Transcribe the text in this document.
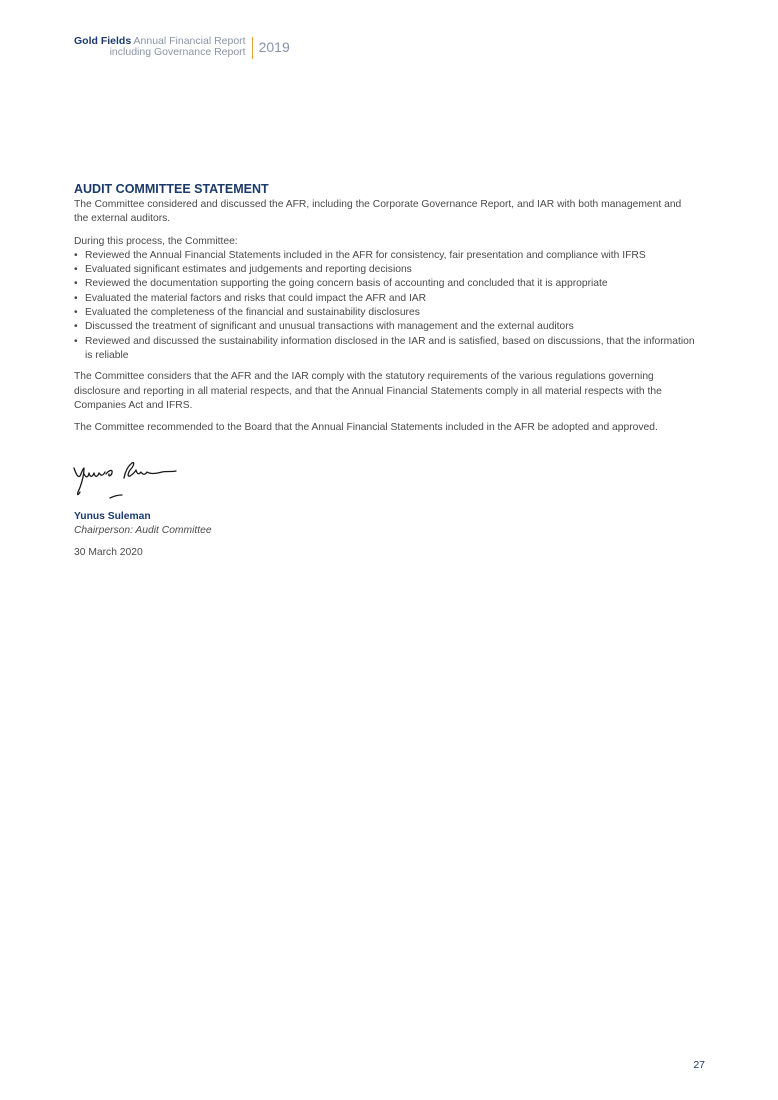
Gold Fields Annual Financial Report
including Governance Report 2019
AUDIT COMMITTEE STATEMENT

The Committee considered and discussed the AFR, including the Corporate Governance Report, and IAR with both management and the external auditors.

During this process, the Committee:

• Reviewed the Annual Financial Statements included in the AFR for consistency, fair presentation and compliance with IFRS
• Evaluated significant estimates and judgements and reporting decisions
• Reviewed the documentation supporting the going concern basis of accounting and concluded that it is appropriate
• Evaluated the material factors and risks that could impact the AFR and IAR
• Evaluated the completeness of the financial and sustainability disclosures
• Discussed the treatment of significant and unusual transactions with management and the external auditors
• Reviewed and discussed the sustainability information disclosed in the IAR and is satisfied, based on discussions, that the information is reliable

The Committee considers that the AFR and the IAR comply with the statutory requirements of the various regulations governing disclosure and reporting in all material respects, and that the Annual Financial Statements comply in all material respects with the Companies Act and IFRS.

The Committee recommended to the Board that the Annual Financial Statements included in the AFR be adopted and approved.

Yunus Suleman
Chairperson: Audit Committee
30 March 2020
27
